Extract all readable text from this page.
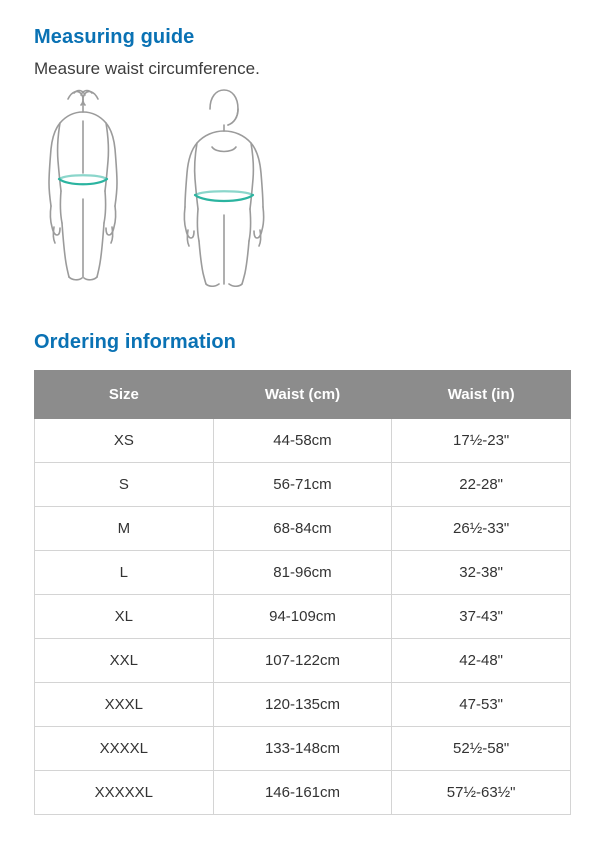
Measuring guide

Measure waist circumference.

Ordering information
Size	Waist (cm)	Waist (in)
XS	44-58cm	17½-23"
S	56-71cm	22-28"
M	68-84cm	26½-33"
L	81-96cm	32-38"
XL	94-109cm	37-43"
XXL	107-122cm	42-48"
XXXL	120-135cm	47-53"
XXXXL	133-148cm	52½-58"
XXXXXL	146-161cm	57½-63½"
